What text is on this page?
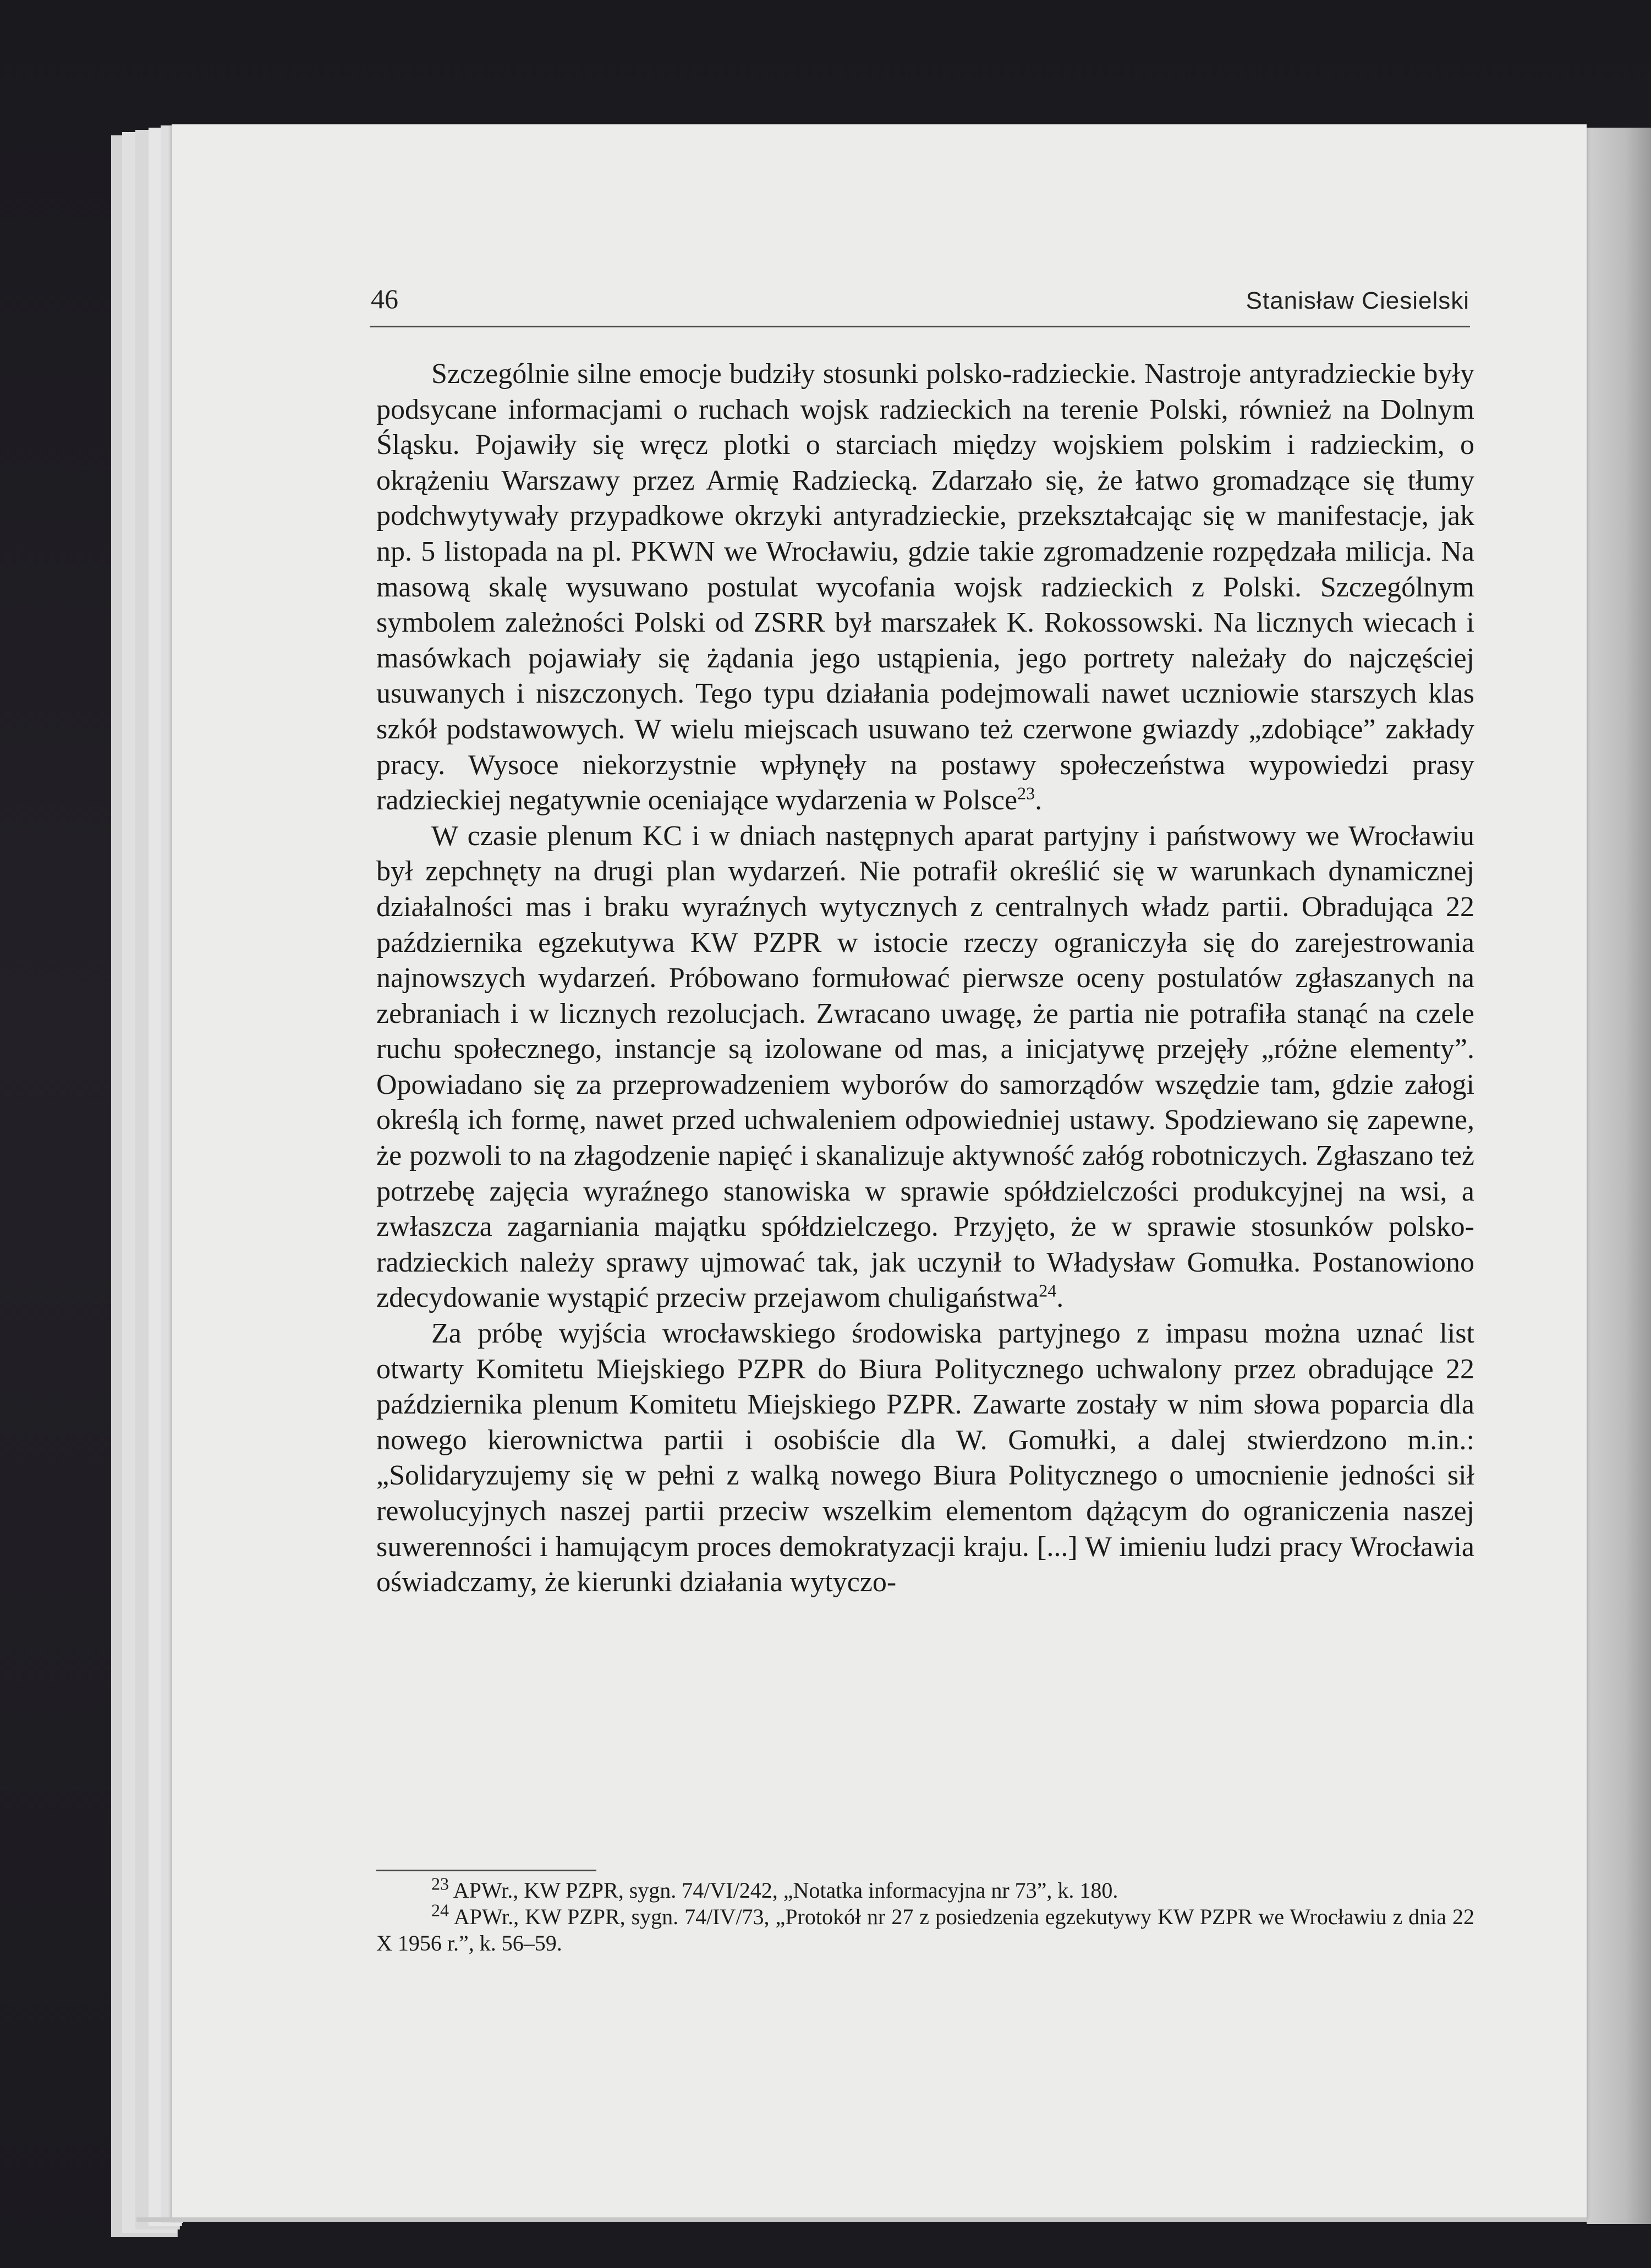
46	Stanisław Ciesielski

Szczególnie silne emocje budziły stosunki polsko-radzieckie. Nastroje antyradzieckie były podsycane informacjami o ruchach wojsk radzieckich na terenie Polski, również na Dolnym Śląsku. Pojawiły się wręcz plotki o starciach między wojskiem polskim i radzieckim, o okrążeniu Warszawy przez Armię Radziecką. Zdarzało się, że łatwo gromadzące się tłumy podchwytywały przypadkowe okrzyki antyradzieckie, przekształcając się w manifestacje, jak np. 5 listopada na pl. PKWN we Wrocławiu, gdzie takie zgromadzenie rozpędzała milicja. Na masową skalę wysuwano postulat wycofania wojsk radzieckich z Polski. Szczególnym symbolem zależności Polski od ZSRR był marszałek K. Rokossowski. Na licznych wiecach i masówkach pojawiały się żądania jego ustąpienia, jego portrety należały do najczęściej usuwanych i niszczonych. Tego typu działania podejmowali nawet uczniowie starszych klas szkół podstawowych. W wielu miejscach usuwano też czerwone gwiazdy „zdobiące” zakłady pracy. Wysoce niekorzystnie wpłynęły na postawy społeczeństwa wypowiedzi prasy radzieckiej negatywnie oceniające wydarzenia w Polsce$^{23}$.

W czasie plenum KC i w dniach następnych aparat partyjny i państwowy we Wrocławiu był zepchnęty na drugi plan wydarzeń. Nie potrafił określić się w warunkach dynamicznej działalności mas i braku wyraźnych wytycznych z centralnych władz partii. Obradująca 22 października egzekutywa KW PZPR w istocie rzeczy ograniczyła się do zarejestrowania najnowszych wydarzeń. Próbowano formułować pierwsze oceny postulatów zgłaszanych na zebraniach i w licznych rezolucjach. Zwracano uwagę, że partia nie potrafiła stanąć na czele ruchu społecznego, instancje są izolowane od mas, a inicjatywę przejęły „różne elementy”. Opowiadano się za przeprowadzeniem wyborów do samorządów wszędzie tam, gdzie załogi określą ich formę, nawet przed uchwaleniem odpowiedniej ustawy. Spodziewano się zapewne, że pozwoli to na złagodzenie napięć i skanalizuje aktywność załóg robotniczych. Zgłaszano też potrzebę zajęcia wyraźnego stanowiska w sprawie spółdzielczości produkcyjnej na wsi, a zwłaszcza zagarniania majątku spółdzielczego. Przyjęto, że w sprawie stosunków polsko-radzieckich należy sprawy ujmować tak, jak uczynił to Władysław Gomułka. Postanowiono zdecydowanie wystąpić przeciw przejawom chuligaństwa$^{24}$.

Za próbę wyjścia wrocławskiego środowiska partyjnego z impasu można uznać list otwarty Komitetu Miejskiego PZPR do Biura Politycznego uchwalony przez obradujące 22 października plenum Komitetu Miejskiego PZPR. Zawarte zostały w nim słowa poparcia dla nowego kierownictwa partii i osobiście dla W. Gomułki, a dalej stwierdzono m.in.: „Solidaryzujemy się w pełni z walką nowego Biura Politycznego o umocnienie jedności sił rewolucyjnych naszej partii przeciw wszelkim elementom dążącym do ograniczenia naszej suwerenności i hamującym proces demokratyzacji kraju. [...] W imieniu ludzi pracy Wrocławia oświadczamy, że kierunki działania wytyczo-

$^{23}$ APWr., KW PZPR, sygn. 74/VI/242, „Notatka informacyjna nr 73”, k. 180.

$^{24}$ APWr., KW PZPR, sygn. 74/IV/73, „Protokół nr 27 z posiedzenia egzekutywy KW PZPR we Wrocławiu z dnia 22 X 1956 r.”, k. 56–59.
